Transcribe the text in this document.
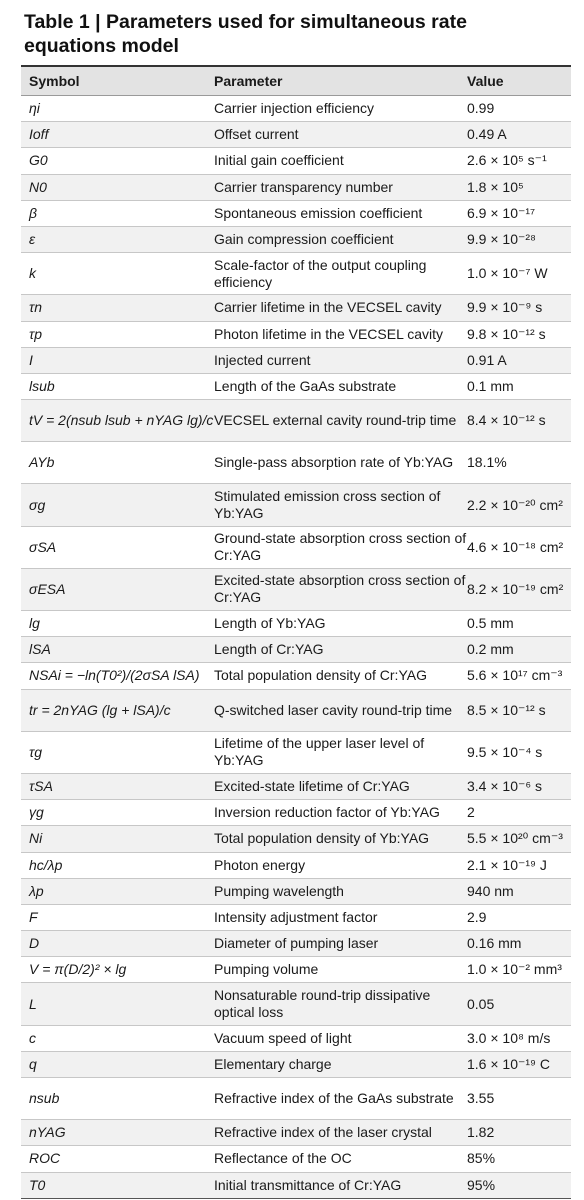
Table 1 | Parameters used for simultaneous rate equations model
Symbol	Parameter	Value
ηi	Carrier injection efficiency	0.99
Ioff	Offset current	0.49 A
G0	Initial gain coefficient	2.6 × 10⁵ s⁻¹
N0	Carrier transparency number	1.8 × 10⁵
β	Spontaneous emission coefficient	6.9 × 10⁻¹⁷
ε	Gain compression coefficient	9.9 × 10⁻²⁸
k	Scale-factor of the output coupling efficiency	1.0 × 10⁻⁷ W
τn	Carrier lifetime in the VECSEL cavity	9.9 × 10⁻⁹ s
τp	Photon lifetime in the VECSEL cavity	9.8 × 10⁻¹² s
I	Injected current	0.91 A
lsub	Length of the GaAs substrate	0.1 mm
tV = 2(nsub lsub + nYAG lg)/c	VECSEL external cavity round-trip time	8.4 × 10⁻¹² s
AYb	Single-pass absorption rate of Yb:YAG	18.1%
σg	Stimulated emission cross section of Yb:YAG	2.2 × 10⁻²⁰ cm²
σSA	Ground-state absorption cross section of Cr:YAG	4.6 × 10⁻¹⁸ cm²
σESA	Excited-state absorption cross section of Cr:YAG	8.2 × 10⁻¹⁹ cm²
lg	Length of Yb:YAG	0.5 mm
lSA	Length of Cr:YAG	0.2 mm
NSAi = −ln(T0²)/(2σSA lSA)	Total population density of Cr:YAG	5.6 × 10¹⁷ cm⁻³
tr = 2nYAG (lg + lSA)/c	Q-switched laser cavity round-trip time	8.5 × 10⁻¹² s
τg	Lifetime of the upper laser level of Yb:YAG	9.5 × 10⁻⁴ s
τSA	Excited-state lifetime of Cr:YAG	3.4 × 10⁻⁶ s
γg	Inversion reduction factor of Yb:YAG	2
Ni	Total population density of Yb:YAG	5.5 × 10²⁰ cm⁻³
hc/λp	Photon energy	2.1 × 10⁻¹⁹ J
λp	Pumping wavelength	940 nm
F	Intensity adjustment factor	2.9
D	Diameter of pumping laser	0.16 mm
V = π(D/2)² × lg	Pumping volume	1.0 × 10⁻² mm³
L	Nonsaturable round-trip dissipative optical loss	0.05
c	Vacuum speed of light	3.0 × 10⁸ m/s
q	Elementary charge	1.6 × 10⁻¹⁹ C
nsub	Refractive index of the GaAs substrate	3.55
nYAG	Refractive index of the laser crystal	1.82
ROC	Reflectance of the OC	85%
T0	Initial transmittance of Cr:YAG	95%
